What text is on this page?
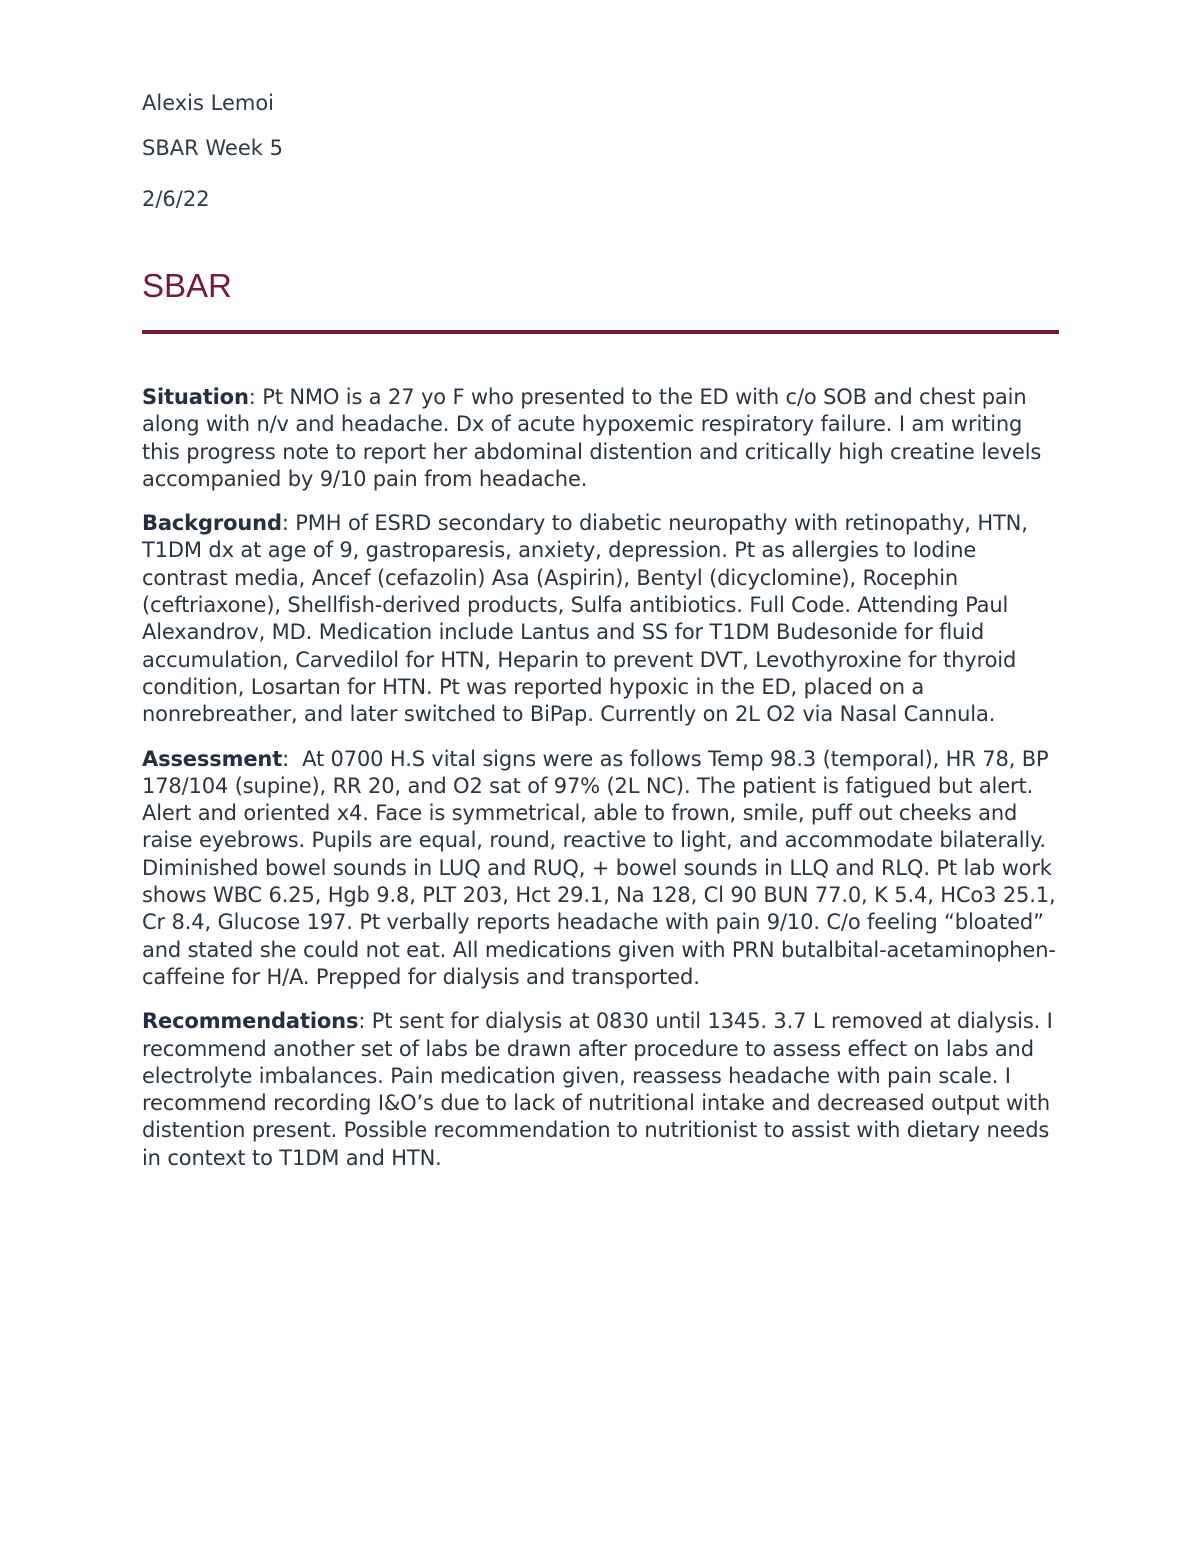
Alexis Lemoi
SBAR Week 5
2/6/22
SBAR

Situation: Pt NMO is a 27 yo F who presented to the ED with c/o SOB and chest pain along with n/v and headache. Dx of acute hypoxemic respiratory failure. I am writing this progress note to report her abdominal distention and critically high creatine levels accompanied by 9/10 pain from headache.

Background: PMH of ESRD secondary to diabetic neuropathy with retinopathy, HTN, T1DM dx at age of 9, gastroparesis, anxiety, depression. Pt as allergies to Iodine contrast media, Ancef (cefazolin) Asa (Aspirin), Bentyl (dicyclomine), Rocephin (ceftriaxone), Shellfish-derived products, Sulfa antibiotics. Full Code. Attending Paul Alexandrov, MD. Medication include Lantus and SS for T1DM Budesonide for fluid accumulation, Carvedilol for HTN, Heparin to prevent DVT, Levothyroxine for thyroid condition, Losartan for HTN. Pt was reported hypoxic in the ED, placed on a nonrebreather, and later switched to BiPap. Currently on 2L O2 via Nasal Cannula.

Assessment:  At 0700 H.S vital signs were as follows Temp 98.3 (temporal), HR 78, BP 178/104 (supine), RR 20, and O2 sat of 97% (2L NC). The patient is fatigued but alert. Alert and oriented x4. Face is symmetrical, able to frown, smile, puff out cheeks and raise eyebrows. Pupils are equal, round, reactive to light, and accommodate bilaterally. Diminished bowel sounds in LUQ and RUQ, + bowel sounds in LLQ and RLQ. Pt lab work shows WBC 6.25, Hgb 9.8, PLT 203, Hct 29.1, Na 128, Cl 90 BUN 77.0, K 5.4, HCo3 25.1, Cr 8.4, Glucose 197. Pt verbally reports headache with pain 9/10. C/o feeling “bloated” and stated she could not eat. All medications given with PRN butalbital-acetaminophen-caffeine for H/A. Prepped for dialysis and transported.

Recommendations: Pt sent for dialysis at 0830 until 1345. 3.7 L removed at dialysis. I recommend another set of labs be drawn after procedure to assess effect on labs and electrolyte imbalances. Pain medication given, reassess headache with pain scale. I recommend recording I&O’s due to lack of nutritional intake and decreased output with distention present. Possible recommendation to nutritionist to assist with dietary needs in context to T1DM and HTN.
